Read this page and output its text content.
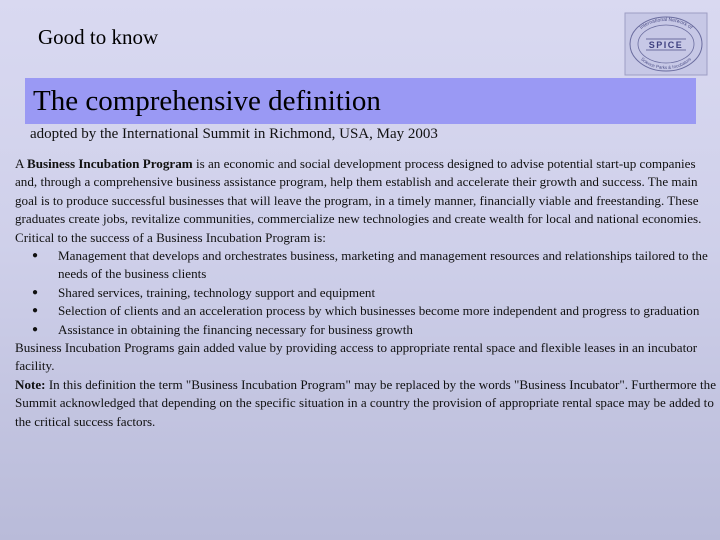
Good to know	International Network of
Science Parks & Incubators
SPICE
The comprehensive definition
adopted by the International Summit in Richmond, USA, May 2003

A Business Incubation Program is an economic and social development process designed to advise potential start-up companies and, through a comprehensive business assistance program, help them establish and accelerate their growth and success. The main goal is to produce successful businesses that will leave the program, in a timely manner, financially viable and freestanding. These graduates create jobs, revitalize communities, commercialize new technologies and create wealth for local and national economies.

Critical to the success of a Business Incubation Program is:

● Management that develops and orchestrates business, marketing and management resources and relationships tailored to the needs of the business clients
● Shared services, training, technology support and equipment
● Selection of clients and an acceleration process by which businesses become more independent and progress to graduation
● Assistance in obtaining the financing necessary for business growth

Business Incubation Programs gain added value by providing access to appropriate rental space and flexible leases in an incubator facility.

Note: In this definition the term "Business Incubation Program" may be replaced by the words "Business Incubator". Furthermore the Summit acknowledged that depending on the specific situation in a country the provision of appropriate rental space may be added to the critical success factors.
